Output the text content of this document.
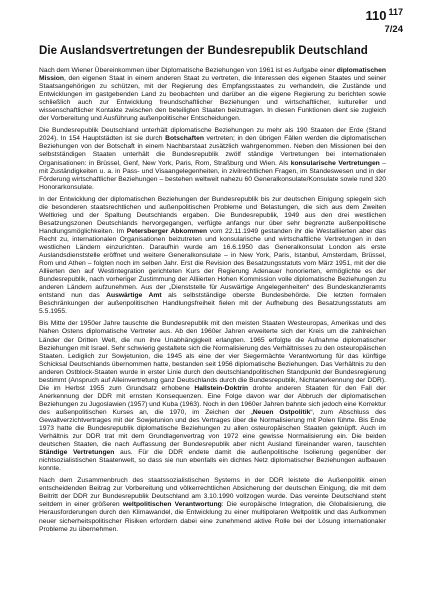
110 $^{117}$
7/24
Die Auslandsvertretungen der Bundesrepublik Deutschland

Nach dem Wiener Übereinkommen über Diplomatische Beziehungen von 1961 ist es Aufgabe einer diplomatischen Mission, den eigenen Staat in einem anderen Staat zu vertreten, die Interessen des eigenen Staates und seiner Staatsangehörigen zu schützen, mit der Regierung des Empfangsstaates zu verhandeln, die Zustände und Entwicklungen im gastgebenden Land zu beobachten und darüber an die eigene Regierung zu berichten sowie schließlich auch zur Entwicklung freundschaftlicher Beziehungen und wirtschaftlicher, kultureller und wissenschaftlicher Kontakte zwischen den beteiligten Staaten beizutragen. In diesen Funktionen dient sie zugleich der Vorbereitung und Ausführung außenpolitischer Entscheidungen.

Die Bundesrepublik Deutschland unterhält diplomatische Beziehungen zu mehr als 190 Staaten der Erde (Stand 2024). In 154 Hauptstädten ist sie durch Botschaften vertreten; in den übrigen Fällen werden die diplomatischen Beziehungen von der Botschaft in einem Nachbarstaat zusätzlich wahrgenommen. Neben den Missionen bei den selbstständigen Staaten unterhält die Bundesrepublik zwölf ständige Vertretungen bei internationalen Organisationen: in Brüssel, Genf, New York, Paris, Rom, Straßburg und Wien. Als konsularische Vertretungen – mit Zuständigkeiten u. a. in Pass- und Visaangelegenheiten, in zivilrechtlichen Fragen, im Standeswesen und in der Förderung wirtschaftlicher Beziehungen – bestehen weltweit nahezu 60 Generalkonsulate/Konsulate sowie rund 320 Honorarkonsulate.

In der Entwicklung der diplomatischen Beziehungen der Bundesrepublik bis zur deutschen Einigung spiegeln sich die besonderen staatsrechtlichen und außenpolitischen Probleme und Belastungen, die sich aus dem Zweiten Weltkrieg und der Spaltung Deutschlands ergaben. Die Bundesrepublik, 1949 aus den drei westlichen Besatzungszonen Deutschlands hervorgegangen, verfügte anfangs nur über sehr begrenzte außenpolitische Handlungsmöglichkeiten. Im Petersberger Abkommen vom 22.11.1949 gestanden ihr die Westalliierten aber das Recht zu, internationalen Organisationen beizutreten und konsularische und wirtschaftliche Vertretungen in den westlichen Ländern einzurichten. Daraufhin wurde am 16.6.1950 das Generalkonsulat London als erste Auslandsdienststelle eröffnet und weitere Generalkonsulate – in New York, Paris, Istanbul, Amsterdam, Brüssel, Rom und Athen – folgten noch im selben Jahr. Erst die Revision des Besatzungsstatuts vom März 1951, mit der die Alliierten den auf Westintegration gerichteten Kurs der Regierung Adenauer honorierten, ermöglichte es der Bundesrepublik, nach vorheriger Zustimmung der Alliierten Hohen Kommission volle diplomatische Beziehungen zu anderen Ländern aufzunehmen. Aus der „Dienststelle für Auswärtige Angelegenheiten“ des Bundeskanzleramts entstand nun das Auswärtige Amt als selbstständige oberste Bundesbehörde. Die letzten formalen Beschränkungen der außenpolitischen Handlungsfreiheit fielen mit der Aufhebung des Besatzungsstatuts am 5.5.1955.

Bis Mitte der 1950er Jahre tauschte die Bundesrepublik mit den meisten Staaten Westeuropas, Amerikas und des Nahen Ostens diplomatische Vertreter aus. Ab den 1960er Jahren erweiterte sich der Kreis um die zahlreichen Länder der Dritten Welt, die nun ihre Unabhängigkeit erlangten. 1965 erfolgte die Aufnahme diplomatischer Beziehungen mit Israel. Sehr schwierig gestaltete sich die Normalisierung des Verhältnisses zu den osteuropäischen Staaten. Lediglich zur Sowjetunion, die 1945 als eine der vier Siegermächte Verantwortung für das künftige Schicksal Deutschlands übernommen hatte, bestanden seit 1956 diplomatische Beziehungen. Das Verhältnis zu den anderen Ostblock-Staaten wurde in erster Linie durch den deutschlandpolitischen Standpunkt der Bundesregierung bestimmt (Anspruch auf Alleinvertretung ganz Deutschlands durch die Bundesrepublik, Nichtanerkennung der DDR). Die im Herbst 1955 zum Grundsatz erhobene Hallstein-Doktrin drohte anderen Staaten für den Fall der Anerkennung der DDR mit ernsten Konsequenzen. Eine Folge davon war der Abbruch der diplomatischen Beziehungen zu Jugoslawien (1957) und Kuba (1963). Noch in den 1960er Jahren bahnte sich jedoch eine Korrektur des außenpolitischen Kurses an, die 1970, im Zeichen der „Neuen Ostpolitik“, zum Abschluss des Gewaltverzichtvertrages mit der Sowjetunion und des Vertrages über die Normalisierung mit Polen führte. Bis Ende 1973 hatte die Bundesrepublik diplomatische Beziehungen zu allen osteuropäischen Staaten geknüpft. Auch im Verhältnis zur DDR trat mit dem Grundlagenvertrag von 1972 eine gewisse Normalisierung ein. Die beiden deutschen Staaten, die nach Auffassung der Bundesrepublik aber nicht Ausland füreinander waren, tauschten Ständige Vertretungen aus. Für die DDR endete damit die außenpolitische Isolierung gegenüber der nichtsozialistischen Staatenwelt, so dass sie nun ebenfalls ein dichtes Netz diplomatischer Beziehungen aufbauen konnte.

Nach dem Zusammenbruch des staatssozialistischen Systems in der DDR leistete die Außenpolitik einen entscheidenden Beitrag zur Vorbereitung und völkerrechtlichen Absicherung der deutschen Einigung, die mit dem Beitritt der DDR zur Bundesrepublik Deutschland am 3.10.1990 vollzogen wurde. Das vereinte Deutschland steht seitdem in einer größeren weltpolitischen Verantwortung: Die europäische Integration, die Globalisierung, die Herausforderungen durch den Klimawandel, die Entwicklung zu einer multipolaren Weltpolitik und das Aufkommen neuer sicherheitspolitischer Risiken erfordern dabei eine zunehmend aktive Rolle bei der Lösung internationaler Probleme zu übernehmen.
